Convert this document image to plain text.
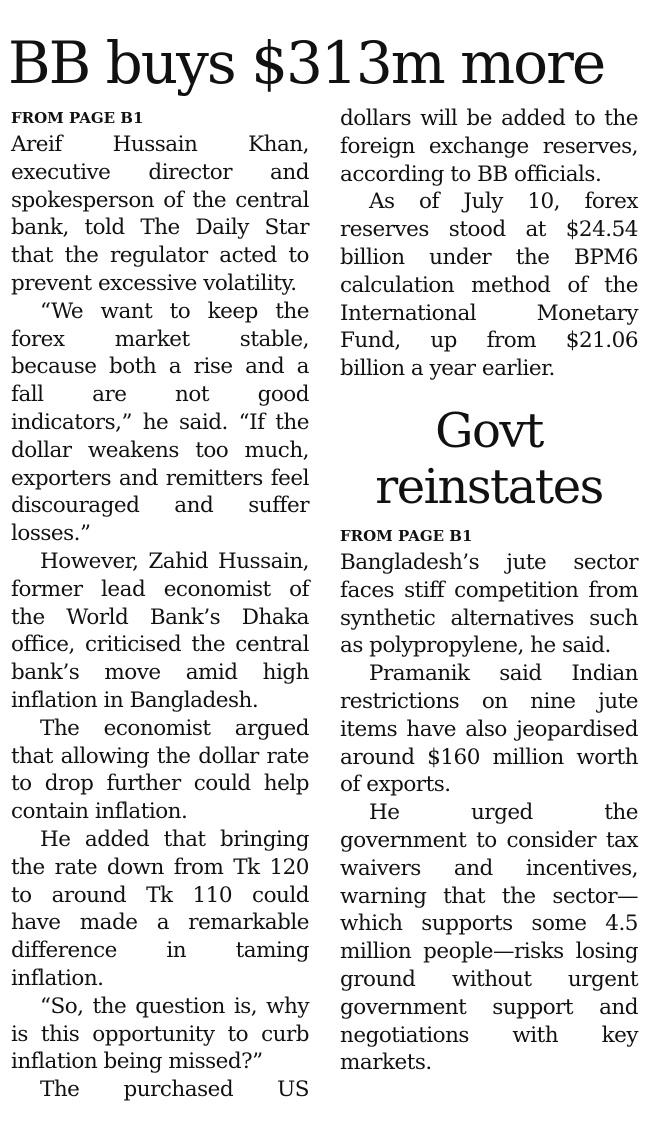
BB buys $313m more
FROM PAGE B1

Areif Hussain Khan, executive director and spokesperson of the central bank, told The Daily Star that the regulator acted to prevent excessive volatility.

“We want to keep the forex market stable, because both a rise and a fall are not good indicators,” he said. “If the dollar weakens too much, exporters and remitters feel discouraged and suffer losses.”

However, Zahid Hussain, former lead economist of the World Bank’s Dhaka office, criticised the central bank’s move amid high inflation in Bangladesh.

The economist argued that allowing the dollar rate to drop further could help contain inflation.

He added that bringing the rate down from Tk 120 to around Tk 110 could have made a remarkable difference in taming inflation.

“So, the question is, why is this opportunity to curb inflation being missed?”

The purchased US

dollars will be added to the foreign exchange reserves, according to BB officials.

As of July 10, forex reserves stood at $24.54 billion under the BPM6 calculation method of the International Monetary Fund, up from $21.06 billion a year earlier.

Govt reinstates
FROM PAGE B1

Bangladesh’s jute sector faces stiff competition from synthetic alternatives such as polypropylene, he said.

Pramanik said Indian restrictions on nine jute items have also jeopardised around $160 million worth of exports.

He urged the government to consider tax waivers and incentives, warning that the sector—which supports some 4.5 million people—risks losing ground without urgent government support and negotiations with key markets.
